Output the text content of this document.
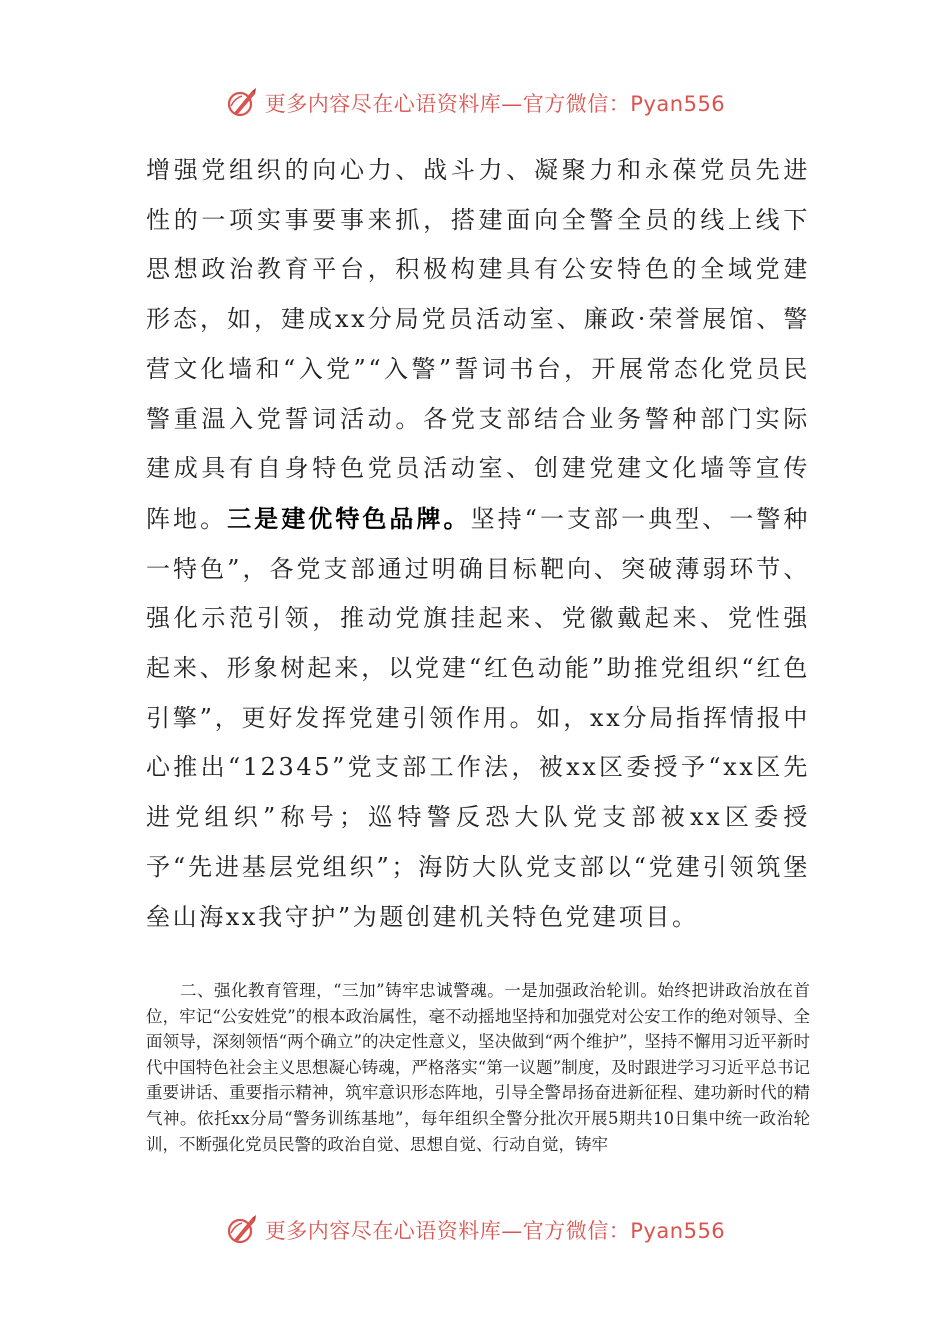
更多内容尽在心语资料库—官方微信：Pyan556

增强党组织的向心力、战斗力、凝聚力和永葆党员先进性的一项实事要事来抓，搭建面向全警全员的线上线下思想政治教育平台，积极构建具有公安特色的全域党建形态，如，建成xx分局党员活动室、廉政·荣誉展馆、警营文化墙和“入党”“入警”誓词书台，开展常态化党员民警重温入党誓词活动。各党支部结合业务警种部门实际建成具有自身特色党员活动室、创建党建文化墙等宣传阵地。三是建优特色品牌。坚持“一支部一典型、一警种一特色”，各党支部通过明确目标靶向、突破薄弱环节、强化示范引领，推动党旗挂起来、党徽戴起来、党性强起来、形象树起来，以党建“红色动能”助推党组织“红色引擎”，更好发挥党建引领作用。如，xx分局指挥情报中心推出“12345”党支部工作法，被xx区委授予“xx区先进党组织”称号；巡特警反恐大队党支部被xx区委授予“先进基层党组织”；海防大队党支部以“党建引领筑堡垒山海xx我守护”为题创建机关特色党建项目。

　　二、强化教育管理，“三加”铸牢忠诚警魂。一是加强政治轮训。始终把讲政治放在首位，牢记“公安姓党”的根本政治属性，毫不动摇地坚持和加强党对公安工作的绝对领导、全面领导，深刻领悟“两个确立”的决定性意义，坚决做到“两个维护”，坚持不懈用习近平新时代中国特色社会主义思想凝心铸魂，严格落实“第一议题”制度，及时跟进学习习近平总书记重要讲话、重要指示精神，筑牢意识形态阵地，引导全警昂扬奋进新征程、建功新时代的精气神。依托xx分局“警务训练基地”，每年组织全警分批次开展5期共10日集中统一政治轮训，不断强化党员民警的政治自觉、思想自觉、行动自觉，铸牢

更多内容尽在心语资料库—官方微信：Pyan556
